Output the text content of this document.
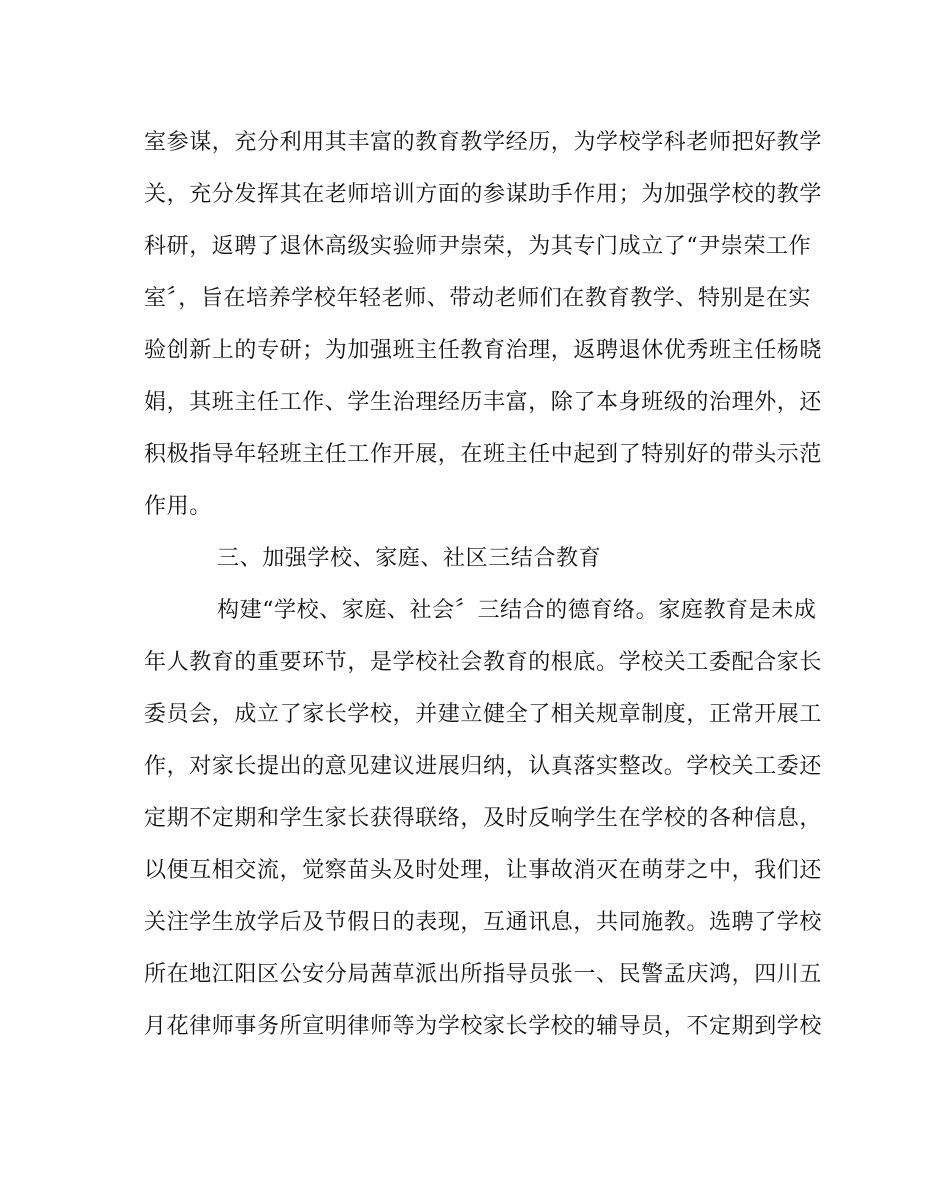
室参谋，充分利用其丰富的教育教学经历，为学校学科老师把好教学
关，充分发挥其在老师培训方面的参谋助手作用；为加强学校的教学
科研，返聘了退休高级实验师尹崇荣，为其专门成立了“尹崇荣工作
室〞，旨在培养学校年轻老师、带动老师们在教育教学、特别是在实
验创新上的专研；为加强班主任教育治理，返聘退休优秀班主任杨晓
娟，其班主任工作、学生治理经历丰富，除了本身班级的治理外，还
积极指导年轻班主任工作开展，在班主任中起到了特别好的带头示范
作用。
三、加强学校、家庭、社区三结合教育
构建“学校、家庭、社会〞三结合的德育络。家庭教育是未成
年人教育的重要环节，是学校社会教育的根底。学校关工委配合家长
委员会，成立了家长学校，并建立健全了相关规章制度，正常开展工
作，对家长提出的意见建议进展归纳，认真落实整改。学校关工委还
定期不定期和学生家长获得联络，及时反响学生在学校的各种信息，
以便互相交流，觉察苗头及时处理，让事故消灭在萌芽之中，我们还
关注学生放学后及节假日的表现，互通讯息，共同施教。选聘了学校
所在地江阳区公安分局茜草派出所指导员张一、民警孟庆鸿，四川五
月花律师事务所宣明律师等为学校家长学校的辅导员，不定期到学校
